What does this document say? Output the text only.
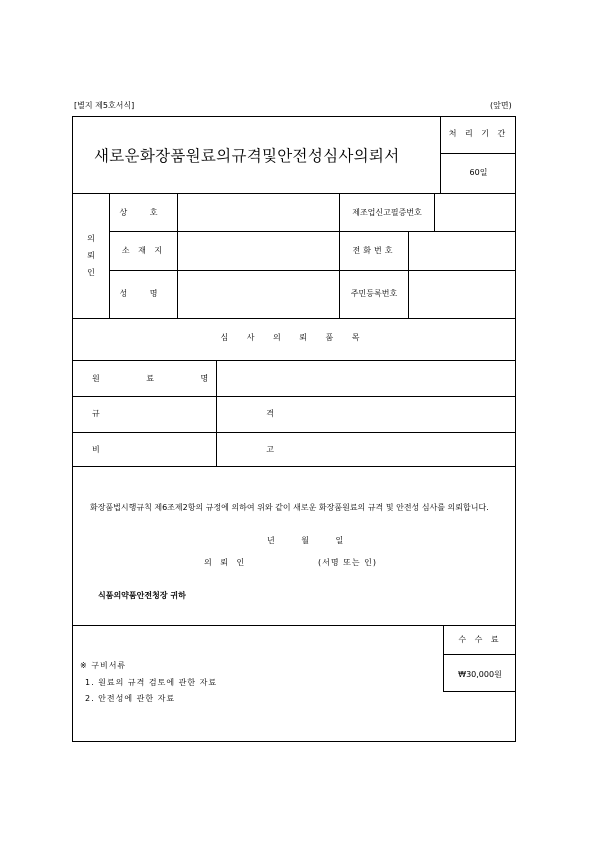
[별지 제5호서식]	(앞면)
새로운화장품원료의규격및안전성심사의뢰서
처 리 기 간
60일
의
뢰
인
상 호	제조업신고필증번호
소 재 지	전화번호
성 명	주민등록번호
심 사 의 뢰 품 목
원 료 명
규 격
비 고
화장품법시행규칙 제6조제2항의 규정에 의하여 위와 같이 새로운 화장품원료의 규격 및 안전성 심사를 의뢰합니다.
년 월 일
의 뢰 인	(서명 또는 인)
식품의약품안전청장 귀하
※ 구비서류
1. 원료의 규격 검토에 관한 자료
2. 안전성에 관한 자료
수 수 료
₩30,000원
